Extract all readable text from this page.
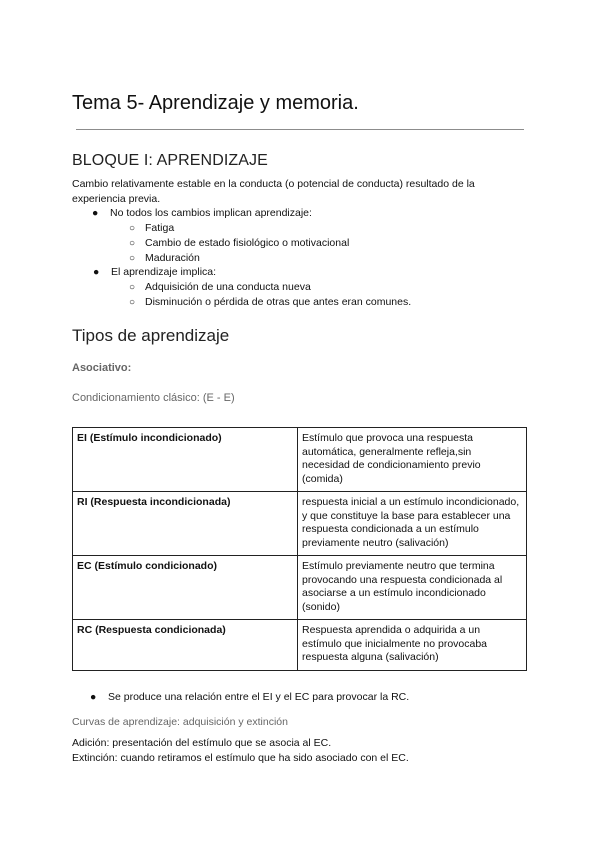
Tema 5- Aprendizaje y memoria.
BLOQUE I: APRENDIZAJE
Cambio relativamente estable en la conducta (o potencial de conducta) resultado de la experiencia previa.
● No todos los cambios implican aprendizaje:
○ Fatiga
○ Cambio de estado fisiológico o motivacional
○ Maduración
● El aprendizaje implica:
○ Adquisición de una conducta nueva
○ Disminución o pérdida de otras que antes eran comunes.
Tipos de aprendizaje
Asociativo:
Condicionamiento clásico: (E - E)
EI (Estímulo incondicionado)	Estímulo que provoca una respuesta automática, generalmente refleja,sin necesidad de condicionamiento previo (comida)
RI (Respuesta incondicionada)	respuesta inicial a un estímulo incondicionado, y que constituye la base para establecer una respuesta condicionada a un estímulo previamente neutro (salivación)
EC (Estímulo condicionado)	Estímulo previamente neutro que termina provocando una respuesta condicionada al asociarse a un estímulo incondicionado (sonido)
RC (Respuesta condicionada)	Respuesta aprendida o adquirida a un estímulo que inicialmente no provocaba respuesta alguna (salivación)
● Se produce una relación entre el EI y el EC para provocar la RC.
Curvas de aprendizaje: adquisición y extinción
Adición: presentación del estímulo que se asocia al EC.
Extinción: cuando retiramos el estímulo que ha sido asociado con el EC.
